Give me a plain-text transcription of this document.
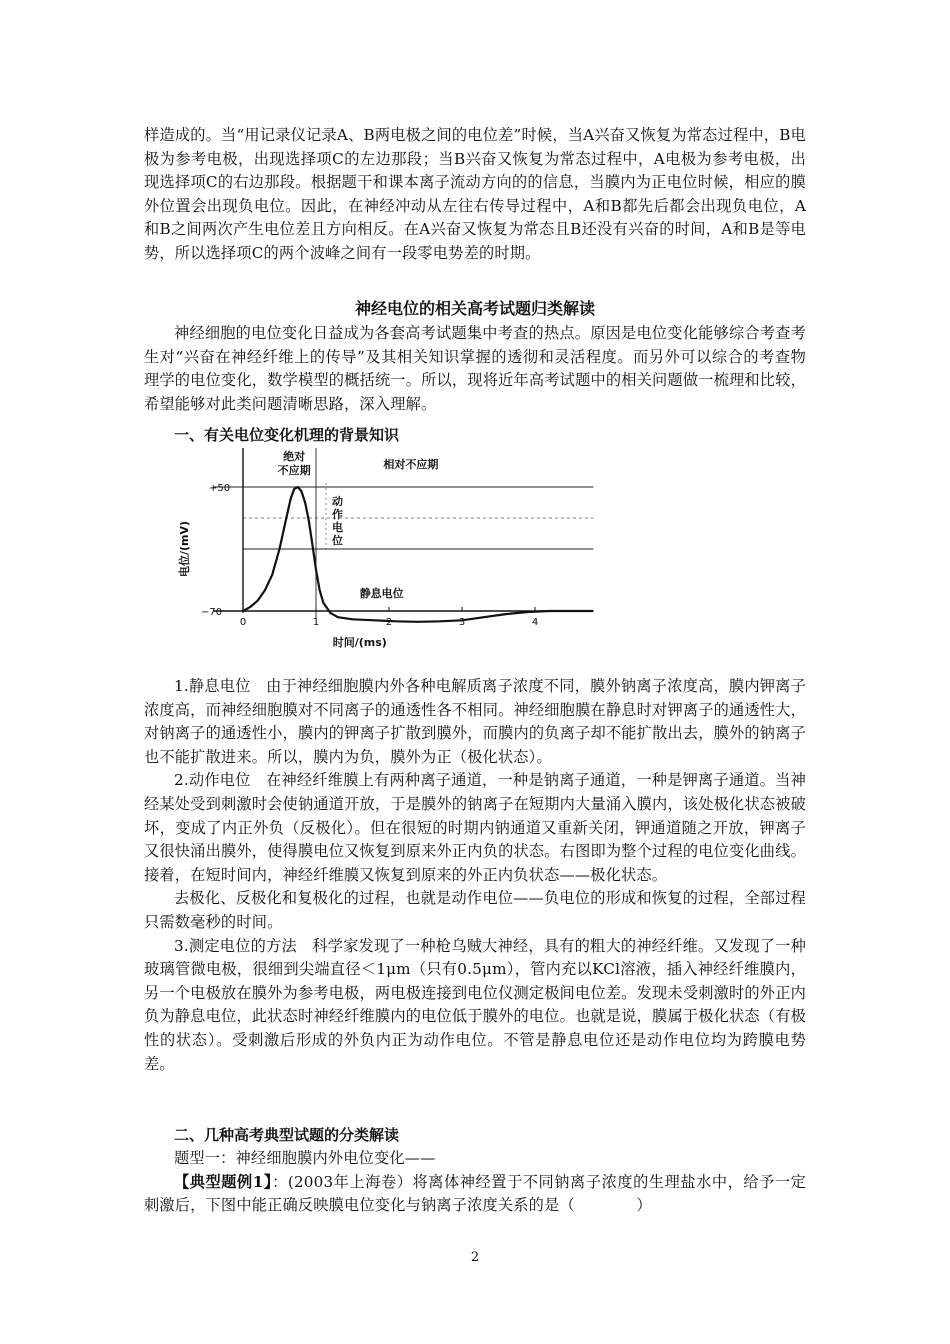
样造成的。当“用记录仪记录A、B两电极之间的电位差”时候，当A兴奋又恢复为常态过程中，B电极为参考电极，出现选择项C的左边那段；当B兴奋又恢复为常态过程中，A电极为参考电极，出现选择项C的右边那段。根据题干和课本离子流动方向的的信息，当膜内为正电位时候，相应的膜外位置会出现负电位。因此，在神经冲动从左往右传导过程中，A和B都先后都会出现负电位，A和B之间两次产生电位差且方向相反。在A兴奋又恢复为常态且B还没有兴奋的时间，A和B是等电势，所以选择项C的两个波峰之间有一段零电势差的时期。

神经电位的相关高考试题归类解读

神经细胞的电位变化日益成为各套高考试题集中考查的热点。原因是电位变化能够综合考查考生对“兴奋在神经纤维上的传导”及其相关知识掌握的透彻和灵活程度。而另外可以综合的考查物理学的电位变化，数学模型的概括统一。所以，现将近年高考试题中的相关问题做一梳理和比较，希望能够对此类问题清晰思路，深入理解。

一、有关电位变化机理的背景知识
0	1	2	3	4
+50
−70
时间/(ms)
电位/(mV)
绝对
不应期	相对不应期
动
作
电
位
静息电位

1.静息电位　由于神经细胞膜内外各种电解质离子浓度不同，膜外钠离子浓度高，膜内钾离子浓度高，而神经细胞膜对不同离子的通透性各不相同。神经细胞膜在静息时对钾离子的通透性大，对钠离子的通透性小，膜内的钾离子扩散到膜外，而膜内的负离子却不能扩散出去，膜外的钠离子也不能扩散进来。所以，膜内为负，膜外为正（极化状态）。

2.动作电位　在神经纤维膜上有两种离子通道，一种是钠离子通道，一种是钾离子通道。当神经某处受到刺激时会使钠通道开放，于是膜外的钠离子在短期内大量涌入膜内，该处极化状态被破坏，变成了内正外负（反极化）。但在很短的时期内钠通道又重新关闭，钾通道随之开放，钾离子又很快涌出膜外，使得膜电位又恢复到原来外正内负的状态。右图即为整个过程的电位变化曲线。接着，在短时间内，神经纤维膜又恢复到原来的外正内负状态——极化状态。

去极化、反极化和复极化的过程，也就是动作电位——负电位的形成和恢复的过程，全部过程只需数毫秒的时间。

3.测定电位的方法　科学家发现了一种枪乌贼大神经，具有的粗大的神经纤维。又发现了一种玻璃管微电极，很细到尖端直径＜1μm（只有0.5μm），管内充以KCl溶液，插入神经纤维膜内，另一个电极放在膜外为参考电极，两电极连接到电位仪测定极间电位差。发现未受刺激时的外正内负为静息电位，此状态时神经纤维膜内的电位低于膜外的电位。也就是说，膜属于极化状态（有极性的状态）。受刺激后形成的外负内正为动作电位。不管是静息电位还是动作电位均为跨膜电势差。

二、几种高考典型试题的分类解读

题型一：神经细胞膜内外电位变化——

【典型题例1】：(2003年上海卷）将离体神经置于不同钠离子浓度的生理盐水中，给予一定刺激后，下图中能正确反映膜电位变化与钠离子浓度关系的是（　　　　）

2
